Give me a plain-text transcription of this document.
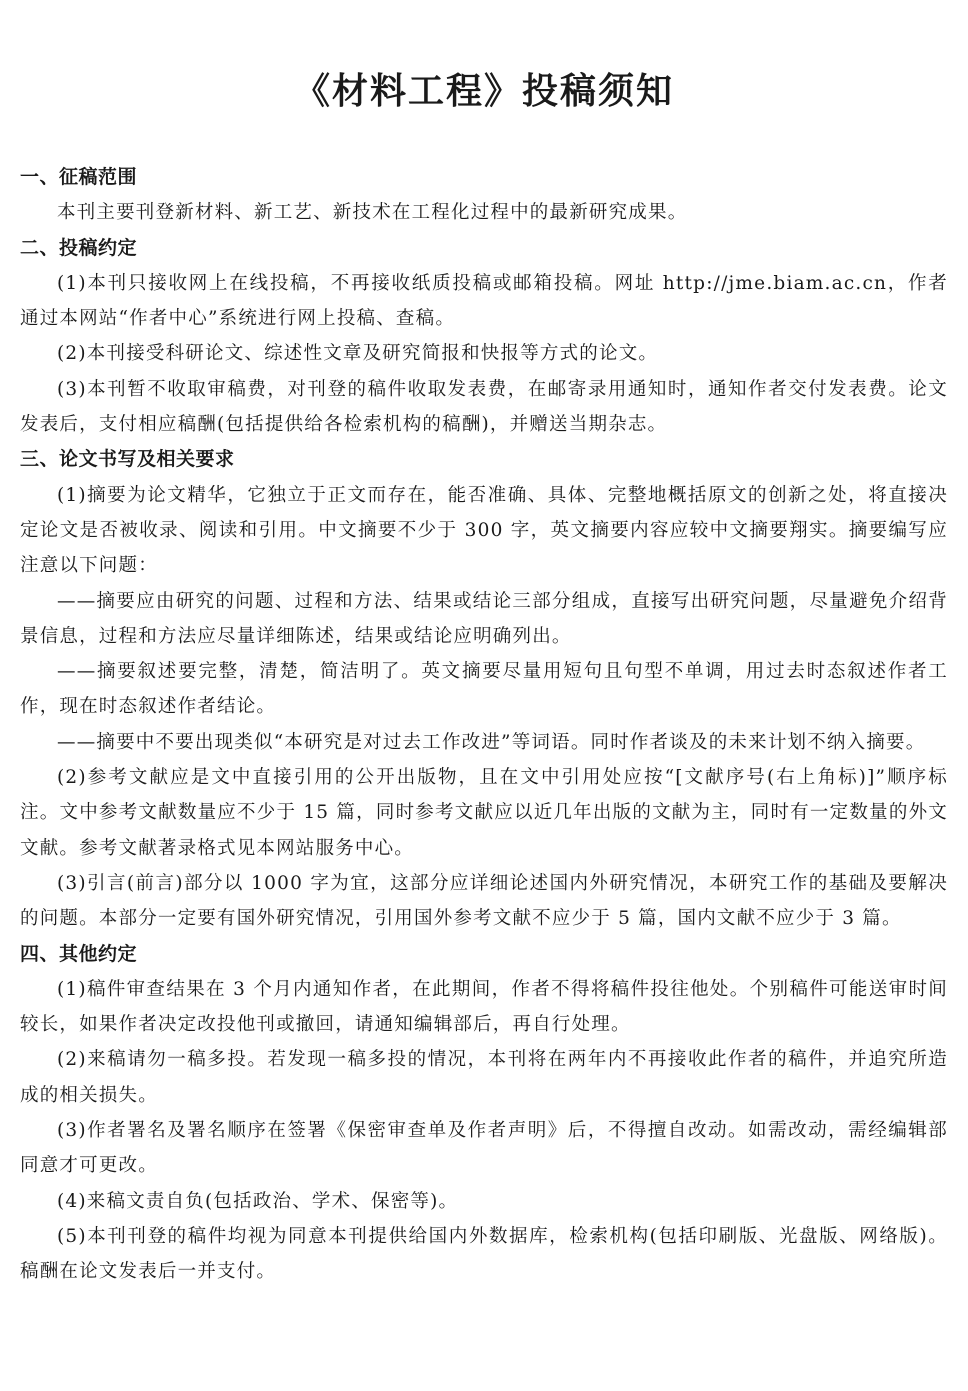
《材料工程》投稿须知
一、征稿范围

本刊主要刊登新材料、新工艺、新技术在工程化过程中的最新研究成果。

二、投稿约定

(1)本刊只接收网上在线投稿，不再接收纸质投稿或邮箱投稿。网址 http://jme.biam.ac.cn，作者通过本网站“作者中心”系统进行网上投稿、查稿。

(2)本刊接受科研论文、综述性文章及研究简报和快报等方式的论文。

(3)本刊暂不收取审稿费，对刊登的稿件收取发表费，在邮寄录用通知时，通知作者交付发表费。论文发表后，支付相应稿酬(包括提供给各检索机构的稿酬)，并赠送当期杂志。

三、论文书写及相关要求

(1)摘要为论文精华，它独立于正文而存在，能否准确、具体、完整地概括原文的创新之处，将直接决定论文是否被收录、阅读和引用。中文摘要不少于 300 字，英文摘要内容应较中文摘要翔实。摘要编写应注意以下问题：

——摘要应由研究的问题、过程和方法、结果或结论三部分组成，直接写出研究问题，尽量避免介绍背景信息，过程和方法应尽量详细陈述，结果或结论应明确列出。

——摘要叙述要完整，清楚，简洁明了。英文摘要尽量用短句且句型不单调，用过去时态叙述作者工作，现在时态叙述作者结论。

——摘要中不要出现类似“本研究是对过去工作改进”等词语。同时作者谈及的未来计划不纳入摘要。

(2)参考文献应是文中直接引用的公开出版物，且在文中引用处应按“[文献序号(右上角标)]”顺序标注。文中参考文献数量应不少于 15 篇，同时参考文献应以近几年出版的文献为主，同时有一定数量的外文文献。参考文献著录格式见本网站服务中心。

(3)引言(前言)部分以 1000 字为宜，这部分应详细论述国内外研究情况，本研究工作的基础及要解决的问题。本部分一定要有国外研究情况，引用国外参考文献不应少于 5 篇，国内文献不应少于 3 篇。

四、其他约定

(1)稿件审查结果在 3 个月内通知作者，在此期间，作者不得将稿件投往他处。个别稿件可能送审时间较长，如果作者决定改投他刊或撤回，请通知编辑部后，再自行处理。

(2)来稿请勿一稿多投。若发现一稿多投的情况，本刊将在两年内不再接收此作者的稿件，并追究所造成的相关损失。

(3)作者署名及署名顺序在签署《保密审查单及作者声明》后，不得擅自改动。如需改动，需经编辑部同意才可更改。

(4)来稿文责自负(包括政治、学术、保密等)。

(5)本刊刊登的稿件均视为同意本刊提供给国内外数据库，检索机构(包括印刷版、光盘版、网络版)。稿酬在论文发表后一并支付。
